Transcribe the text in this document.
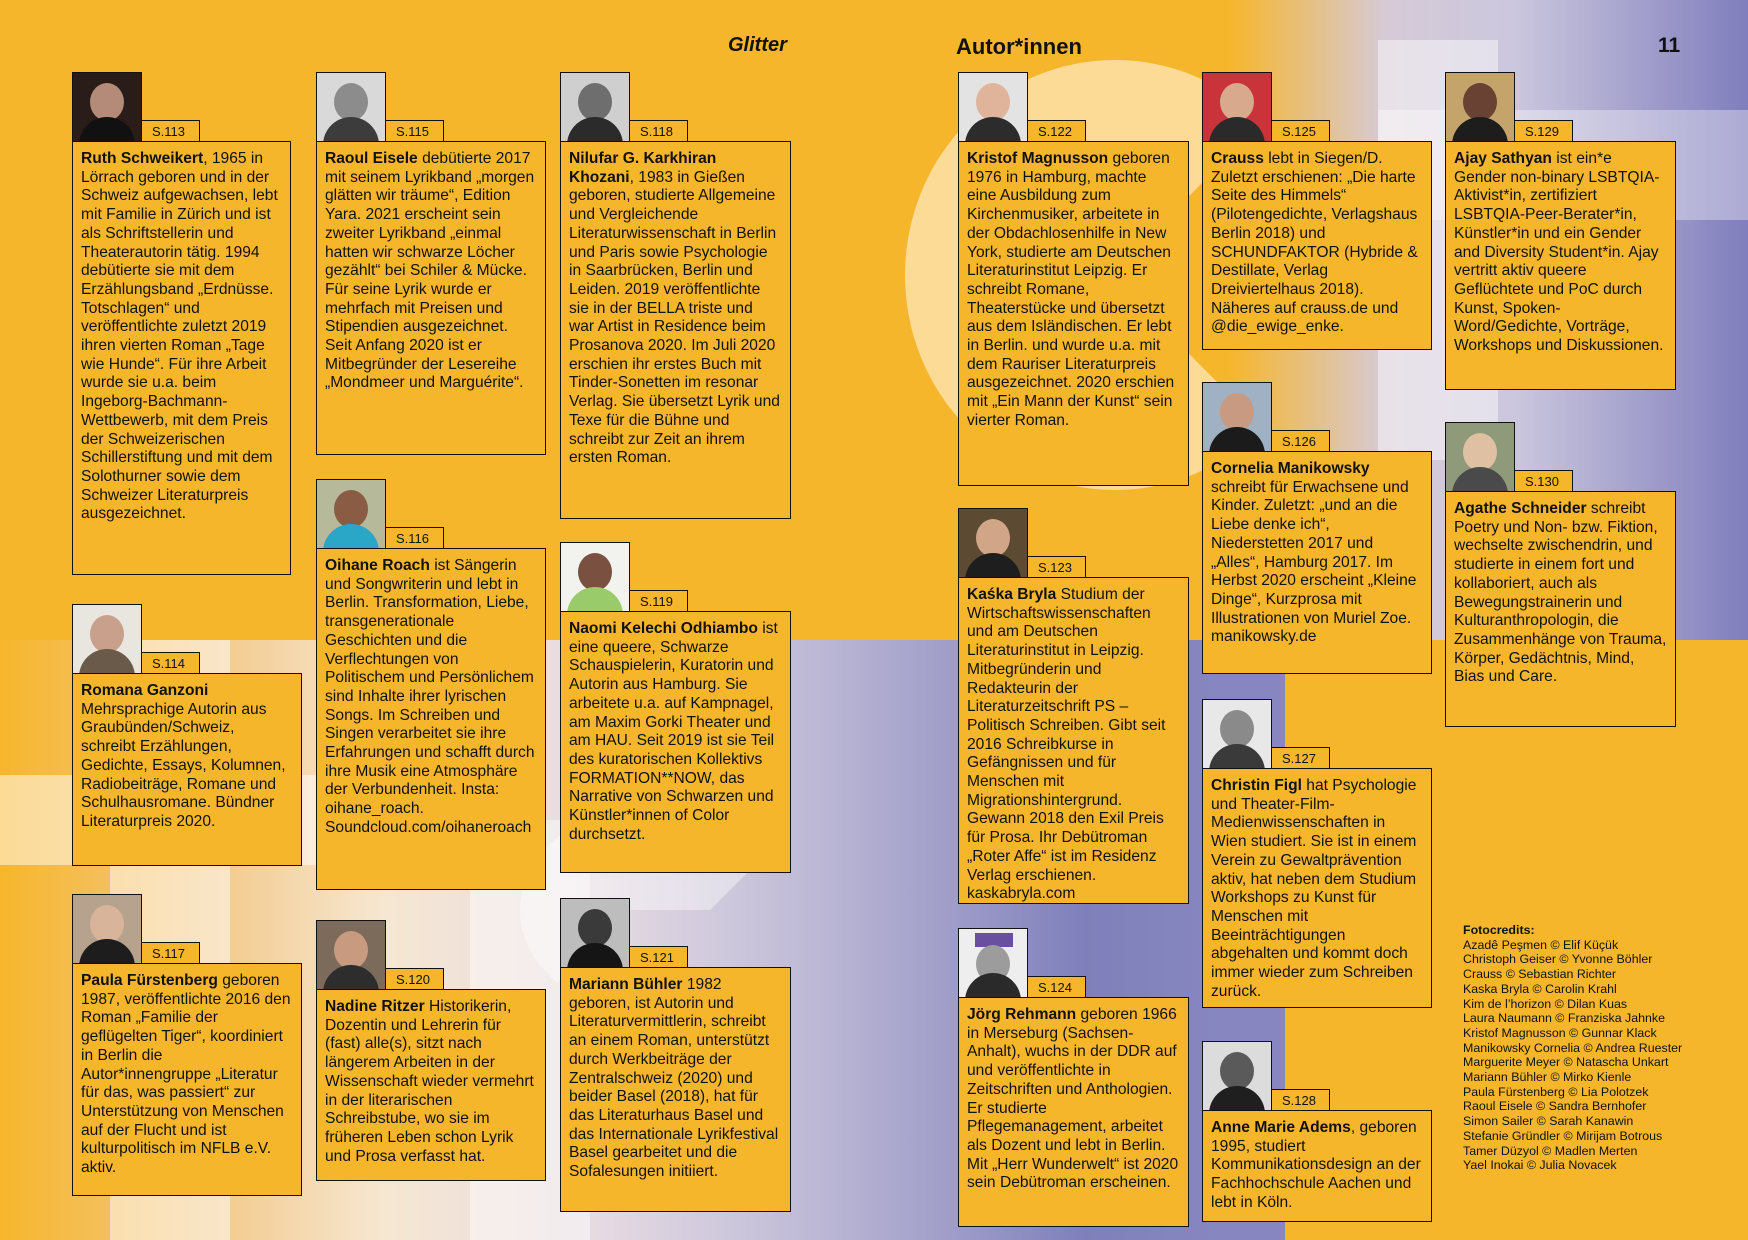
Glitter	Autor*innen	11
S.113
Ruth Schweikert, 1965 in Lörrach geboren und in der Schweiz aufgewachsen, lebt mit Familie in Zürich und ist als Schriftstellerin und Theaterautorin tätig. 1994 debütierte sie mit dem Erzählungsband „Erdnüsse. Totschlagen“ und veröffentlichte zuletzt 2019 ihren vierten Roman „Tage wie Hunde“. Für ihre Arbeit wurde sie u.a. beim Ingeborg-Bachmann-Wettbewerb, mit dem Preis der Schweizerischen Schillerstiftung und mit dem Solothurner sowie dem Schweizer Literaturpreis ausgezeichnet.
S.114
Romana Ganzoni Mehrsprachige Autorin aus Graubünden/Schweiz, schreibt Erzählungen, Gedichte, Essays, Kolumnen, Radiobeiträge, Romane und Schulhausromane. Bündner Literaturpreis 2020.
S.117
Paula Fürstenberg geboren 1987, veröffentlichte 2016 den Roman „Familie der geflügelten Tiger“, koordiniert in Berlin die Autor*innengruppe „Literatur für das, was passiert“ zur Unterstützung von Menschen auf der Flucht und ist kulturpolitisch im NFLB e.V. aktiv.
S.115
Raoul Eisele debütierte 2017 mit seinem Lyrikband „morgen glätten wir träume“, Edition Yara. 2021 erscheint sein zweiter Lyrikband „einmal hatten wir schwarze Löcher gezählt“ bei Schiler & Mücke. Für seine Lyrik wurde er mehrfach mit Preisen und Stipendien ausgezeichnet. Seit Anfang 2020 ist er Mitbegründer der Lesereihe „Mondmeer und Marguérite“.
S.116
Oihane Roach ist Sängerin und Songwriterin und lebt in Berlin. Transformation, Liebe, transgenerationale Geschichten und die Verflechtungen von Politischem und Persönlichem sind Inhalte ihrer lyrischen Songs. Im Schreiben und Singen verarbeitet sie ihre Erfahrungen und schafft durch ihre Musik eine Atmosphäre der Verbundenheit. Insta: oihane_roach. Soundcloud.com/oihaneroach
S.120
Nadine Ritzer Historikerin, Dozentin und Lehrerin für (fast) alle(s), sitzt nach längerem Arbeiten in der Wissenschaft wieder vermehrt in der literarischen Schreibstube, wo sie im früheren Leben schon Lyrik und Prosa verfasst hat.
S.118
Nilufar G. Karkhiran Khozani, 1983 in Gießen geboren, studierte Allgemeine und Vergleichende Literaturwissenschaft in Berlin und Paris sowie Psychologie in Saarbrücken, Berlin und Leiden. 2019 veröffentlichte sie in der BELLA triste und war Artist in Residence beim Prosanova 2020. Im Juli 2020 erschien ihr erstes Buch mit Tinder-Sonetten im resonar Verlag. Sie übersetzt Lyrik und Texe für die Bühne und schreibt zur Zeit an ihrem ersten Roman.
S.119
Naomi Kelechi Odhiambo ist eine queere, Schwarze Schauspielerin, Kuratorin und Autorin aus Hamburg. Sie arbeitete u.a. auf Kampnagel, am Maxim Gorki Theater und am HAU. Seit 2019 ist sie Teil des kuratorischen Kollektivs FORMATION**NOW, das Narrative von Schwarzen und Künstler*innen of Color durchsetzt.
S.121
Mariann Bühler 1982 geboren, ist Autorin und Literaturvermittlerin, schreibt an einem Roman, unterstützt durch Werkbeiträge der Zentralschweiz (2020) und beider Basel (2018), hat für das Literaturhaus Basel und das Internationale Lyrikfestival Basel gearbeitet und die Sofalesungen initiiert.
S.122
Kristof Magnusson geboren 1976 in Hamburg, machte eine Ausbildung zum Kirchenmusiker, arbeitete in der Obdachlosenhilfe in New York, studierte am Deutschen Literaturinstitut Leipzig. Er schreibt Romane, Theaterstücke und übersetzt aus dem Isländischen. Er lebt in Berlin. und wurde u.a. mit dem Rauriser Literaturpreis ausgezeichnet. 2020 erschien mit „Ein Mann der Kunst“ sein vierter Roman.
S.123
Kaśka Bryla Studium der Wirtschaftswissenschaften und am Deutschen Literaturinstitut in Leipzig. Mitbegründerin und Redakteurin der Literaturzeitschrift PS – Politisch Schreiben. Gibt seit 2016 Schreibkurse in Gefängnissen und für Menschen mit Migrationshintergrund. Gewann 2018 den Exil Preis für Prosa. Ihr Debütroman „Roter Affe“ ist im Residenz Verlag erschienen. kaskabryla.com
S.124
Jörg Rehmann geboren 1966 in Merseburg (Sachsen-Anhalt), wuchs in der DDR auf und veröffentlichte in Zeitschriften und Anthologien. Er studierte Pflegemanagement, arbeitet als Dozent und lebt in Berlin. Mit „Herr Wunderwelt“ ist 2020 sein Debütroman erscheinen.
S.125
Crauss lebt in Siegen/D. Zuletzt erschienen: „Die harte Seite des Himmels“ (Pilotengedichte, Verlagshaus Berlin 2018) und SCHUNDFAKTOR (Hybride & Destillate, Verlag Dreiviertelhaus 2018). Näheres auf crauss.de und @die_ewige_enke.
S.126
Cornelia Manikowsky schreibt für Erwachsene und Kinder. Zuletzt: „und an die Liebe denke ich“, Niederstetten 2017 und „Alles“, Hamburg 2017. Im Herbst 2020 erscheint „Kleine Dinge“, Kurzprosa mit Illustrationen von Muriel Zoe. manikowsky.de
S.127
Christin Figl hat Psychologie und Theater-Film-Medienwissenschaften in Wien studiert. Sie ist in einem Verein zu Gewaltprävention aktiv, hat neben dem Studium Workshops zu Kunst für Menschen mit Beeinträchtigungen abgehalten und kommt doch immer wieder zum Schreiben zurück.
S.128
Anne Marie Adems, geboren 1995, studiert Kommunikationsdesign an der Fachhochschule Aachen und lebt in Köln.
S.129
Ajay Sathyan ist ein*e Gender non-binary LSBTQIA-Aktivist*in, zertifiziert LSBTQIA-Peer-Berater*in, Künstler*in und ein Gender and Diversity Student*in. Ajay vertritt aktiv queere Geflüchtete und PoC durch Kunst, Spoken-Word/Gedichte, Vorträge, Workshops und Diskussionen.
S.130
Agathe Schneider schreibt Poetry und Non- bzw. Fiktion, wechselte zwischendrin, und studierte in einem fort und kollaboriert, auch als Bewegungstrainerin und Kulturanthropologin, die Zusammenhänge von Trauma, Körper, Gedächtnis, Mind, Bias und Care.
Fotocredits:
Azadê Peşmen © Elif Küçük
Christoph Geiser © Yvonne Böhler
Crauss © Sebastian Richter
Kaska Bryla © Carolin Krahl
Kim de l’horizon © Dilan Kuas
Laura Naumann © Franziska Jahnke
Kristof Magnusson © Gunnar Klack
Manikowsky Cornelia © Andrea Ruester
Marguerite Meyer © Natascha Unkart
Mariann Bühler © Mirko Kienle
Paula Fürstenberg © Lia Polotzek
Raoul Eisele © Sandra Bernhofer
Simon Sailer © Sarah Kanawin
Stefanie Gründler © Mirijam Botrous
Tamer Düzyol © Madlen Merten
Yael Inokai © Julia Novacek
